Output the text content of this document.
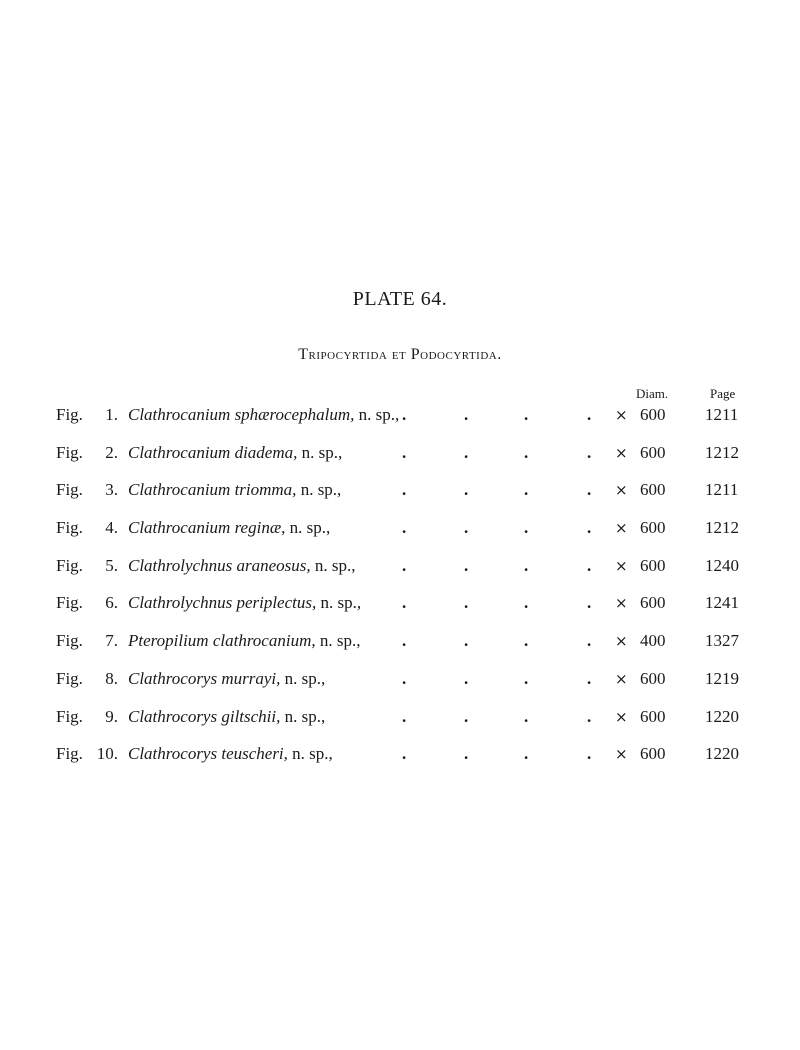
PLATE 64.
Tripocyrtida et Podocyrtida.
Diam.	Page
Fig.	1. Clathrocanium sphærocephalum, n. sp., .	.	.	. × 600 1211
Fig.	2. Clathrocanium diadema, n. sp.,	.	.	.	. × 600 1212
Fig.	3. Clathrocanium triomma, n. sp.,	.	.	.	. × 600 1211
Fig.	4. Clathrocanium reginæ, n. sp.,	.	.	.	. × 600 1212
Fig.	5. Clathrolychnus araneosus, n. sp.,	.	.	.	. × 600 1240
Fig.	6. Clathrolychnus periplectus, n. sp., .	.	.	. × 600 1241
Fig.	7. Pteropilium clathrocanium, n. sp., .	.	.	. × 400 1327
Fig.	8. Clathrocorys murrayi, n. sp.,	.	.	.	. × 600 1219
Fig.	9. Clathrocorys giltschii, n. sp.,	.	.	.	. × 600 1220
Fig. 10. Clathrocorys teuscheri, n. sp.,	.	.	.	. × 600 1220
